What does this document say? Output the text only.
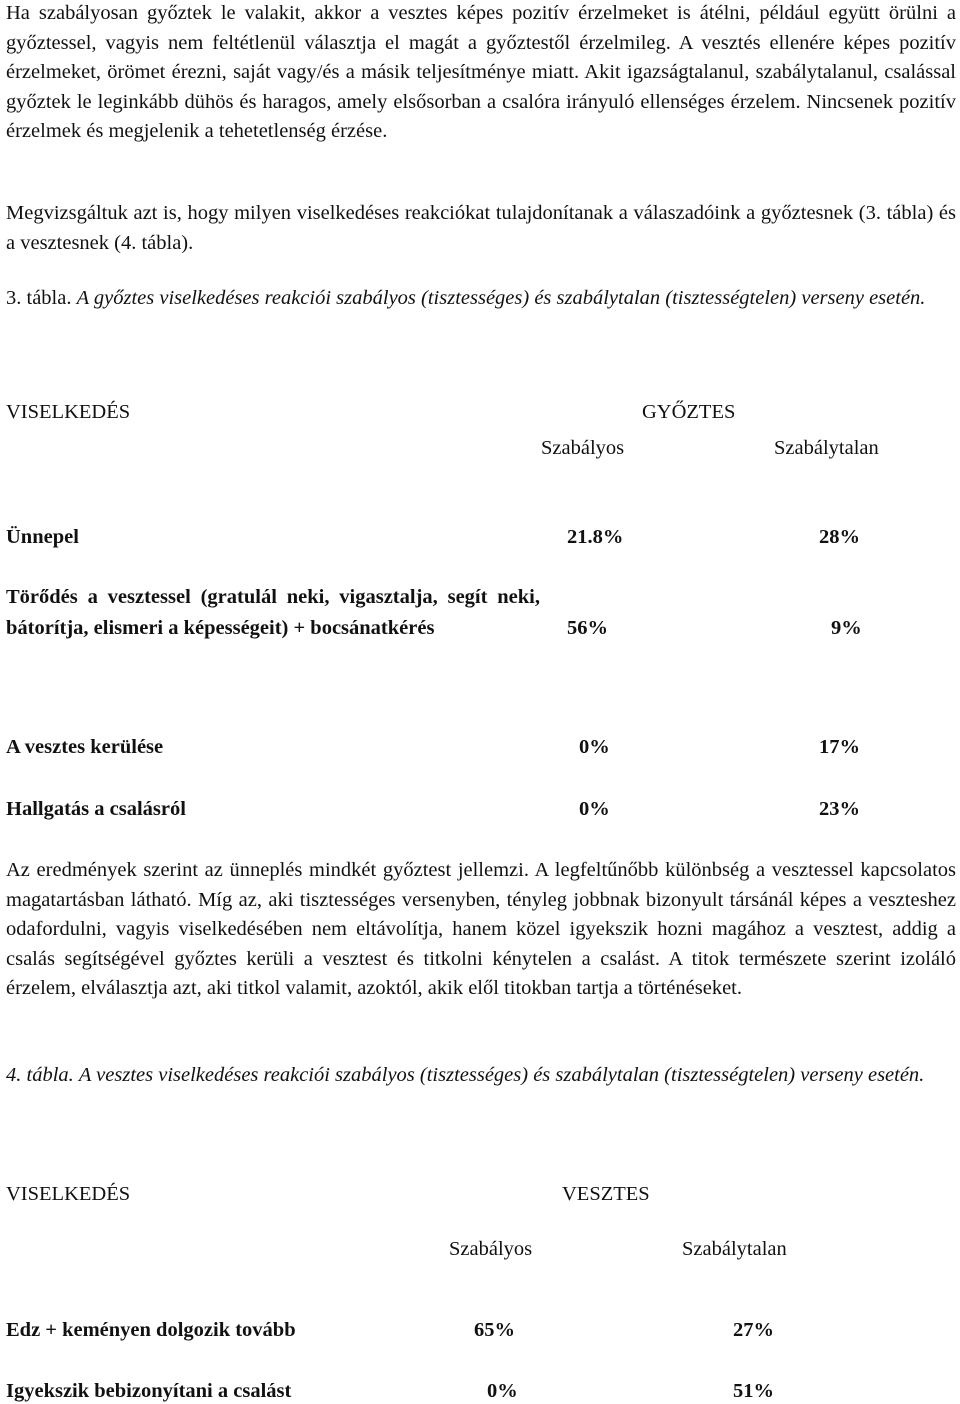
Ha szabályosan győztek le valakit, akkor a vesztes képes pozitív érzelmeket is átélni, például együtt örülni a győztessel, vagyis nem feltétlenül választja el magát a győztestől érzelmileg. A vesztés ellenére képes pozitív érzelmeket, örömet érezni, saját vagy/és a másik teljesítménye miatt. Akit igazságtalanul, szabálytalanul, csalással győztek le leginkább dühös és haragos, amely elsősorban a csalóra irányuló ellenséges érzelem. Nincsenek pozitív érzelmek és megjelenik a tehetetlenség érzése.

Megvizsgáltuk azt is, hogy milyen viselkedéses reakciókat tulajdonítanak a válaszadóink a győztesnek (3. tábla) és a vesztesnek (4. tábla).

3. tábla. A győztes viselkedéses reakciói szabályos (tisztességes) és szabálytalan (tisztességtelen) verseny esetén.

VISELKEDÉS	GYŐZTES
Szabályos	Szabálytalan
Ünnepel	21.8%	28%

Törődés a vesztessel (gratulál neki, vigasztalja, segít neki, bátorítja, elismeri a képességeit) + bocsánatkérés	56%	9%
A vesztes kerülése	0%	17%
Hallgatás a csalásról	0%	23%

Az eredmények szerint az ünneplés mindkét győztest jellemzi. A legfeltűnőbb különbség a vesztessel kapcsolatos magatartásban látható. Míg az, aki tisztességes versenyben, tényleg jobbnak bizonyult társánál képes a veszteshez odafordulni, vagyis viselkedésében nem eltávolítja, hanem közel igyekszik hozni magához a vesztest, addig a csalás segítségével győztes kerüli a vesztest és titkolni kénytelen a csalást. A titok természete szerint izoláló érzelem, elválasztja azt, aki titkol valamit, azoktól, akik elől titokban tartja a történéseket.

4. tábla. A vesztes viselkedéses reakciói szabályos (tisztességes) és szabálytalan (tisztességtelen) verseny esetén.

VISELKEDÉS	VESZTES
Szabályos	Szabálytalan
Edz + keményen dolgozik tovább	65%	27%
Igyekszik bebizonyítani a csalást	0%	51%
